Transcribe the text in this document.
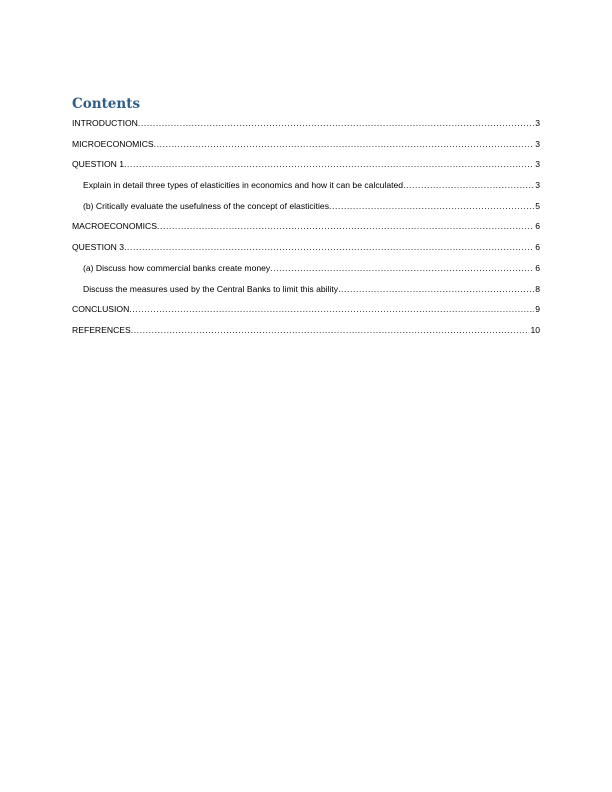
Contents
INTRODUCTION .....	3
MICROECONOMICS .....	3
QUESTION 1 .....	3
Explain in detail three types of elasticities in economics and how it can be calculated .....	3
(b) Critically evaluate the usefulness of the concept of elasticities .....	5
MACROECONOMICS .....	6
QUESTION 3 .....	6
(a) Discuss how commercial banks create money .....	6
Discuss the measures used by the Central Banks to limit this ability .....	8
CONCLUSION .....	9
REFERENCES .....	10
